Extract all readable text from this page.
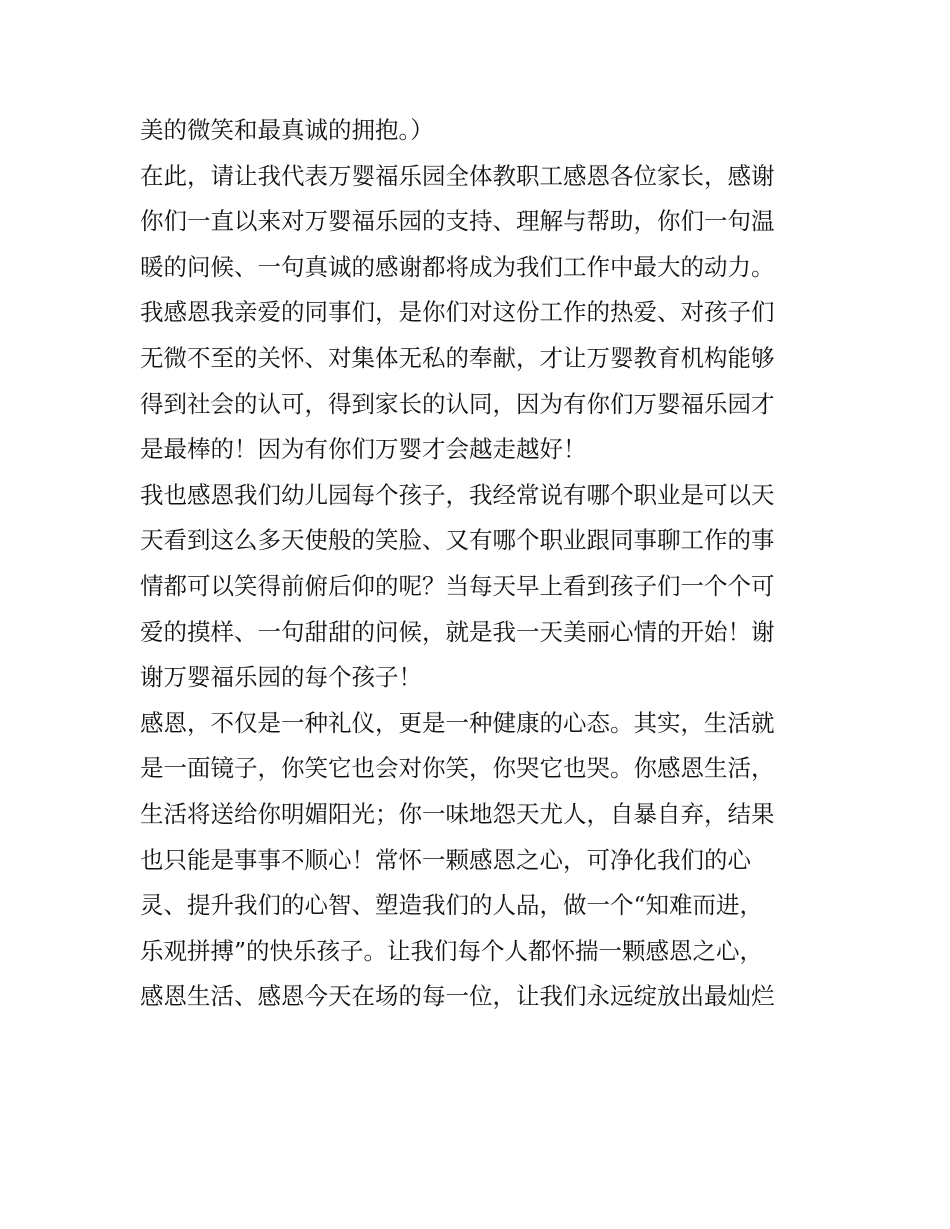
美的微笑和最真诚的拥抱。）
在此，请让我代表万婴福乐园全体教职工感恩各位家长，感谢
你们一直以来对万婴福乐园的支持、理解与帮助，你们一句温
暖的问候、一句真诚的感谢都将成为我们工作中最大的动力。
我感恩我亲爱的同事们，是你们对这份工作的热爱、对孩子们
无微不至的关怀、对集体无私的奉献，才让万婴教育机构能够
得到社会的认可，得到家长的认同，因为有你们万婴福乐园才
是最棒的！因为有你们万婴才会越走越好！
我也感恩我们幼儿园每个孩子，我经常说有哪个职业是可以天
天看到这么多天使般的笑脸、又有哪个职业跟同事聊工作的事
情都可以笑得前俯后仰的呢？当每天早上看到孩子们一个个可
爱的摸样、一句甜甜的问候，就是我一天美丽心情的开始！谢
谢万婴福乐园的每个孩子！
感恩，不仅是一种礼仪，更是一种健康的心态。其实，生活就
是一面镜子，你笑它也会对你笑，你哭它也哭。你感恩生活，
生活将送给你明媚阳光；你一味地怨天尤人，自暴自弃，结果
也只能是事事不顺心！常怀一颗感恩之心，可净化我们的心
灵、提升我们的心智、塑造我们的人品，做一个“知难而进，
乐观拼搏”的快乐孩子。让我们每个人都怀揣一颗感恩之心，
感恩生活、感恩今天在场的每一位，让我们永远绽放出最灿烂
